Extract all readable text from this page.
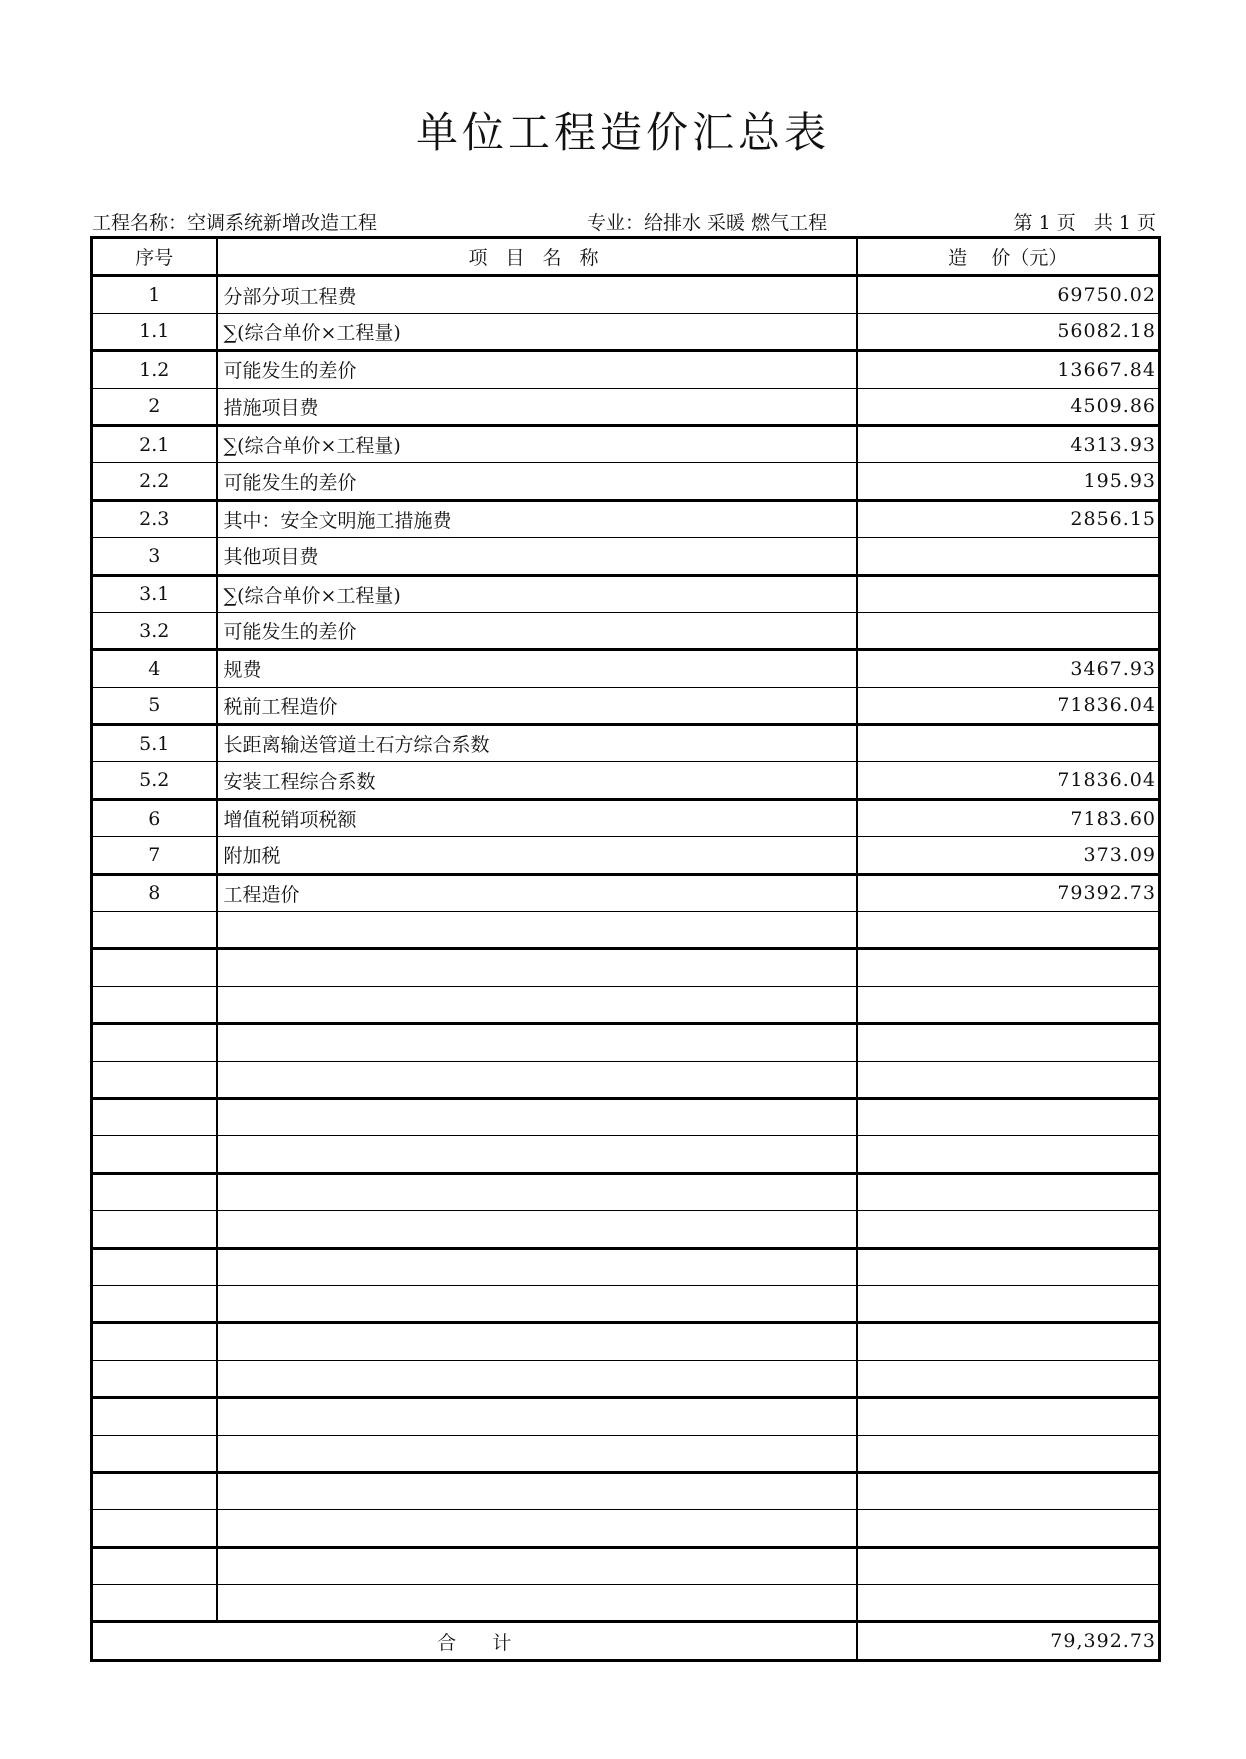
单位工程造价汇总表
工程名称：空调系统新增改造工程	专业：给排水 采暖 燃气工程	第 1 页   共 1 页
序号	项 目 名 称	造    价（元）
1	分部分项工程费	69750.02
1.1	∑(综合单价×工程量)	56082.18
1.2	可能发生的差价	13667.84
2	措施项目费	4509.86
2.1	∑(综合单价×工程量)	4313.93
2.2	可能发生的差价	195.93
2.3	其中：安全文明施工措施费	2856.15
3	其他项目费	
3.1	∑(综合单价×工程量)	
3.2	可能发生的差价	
4	规费	3467.93
5	税前工程造价	71836.04
5.1	长距离输送管道土石方综合系数	
5.2	安装工程综合系数	71836.04
6	增值税销项税额	7183.60
7	附加税	373.09
8	工程造价	79392.73

合      计		79,392.73
